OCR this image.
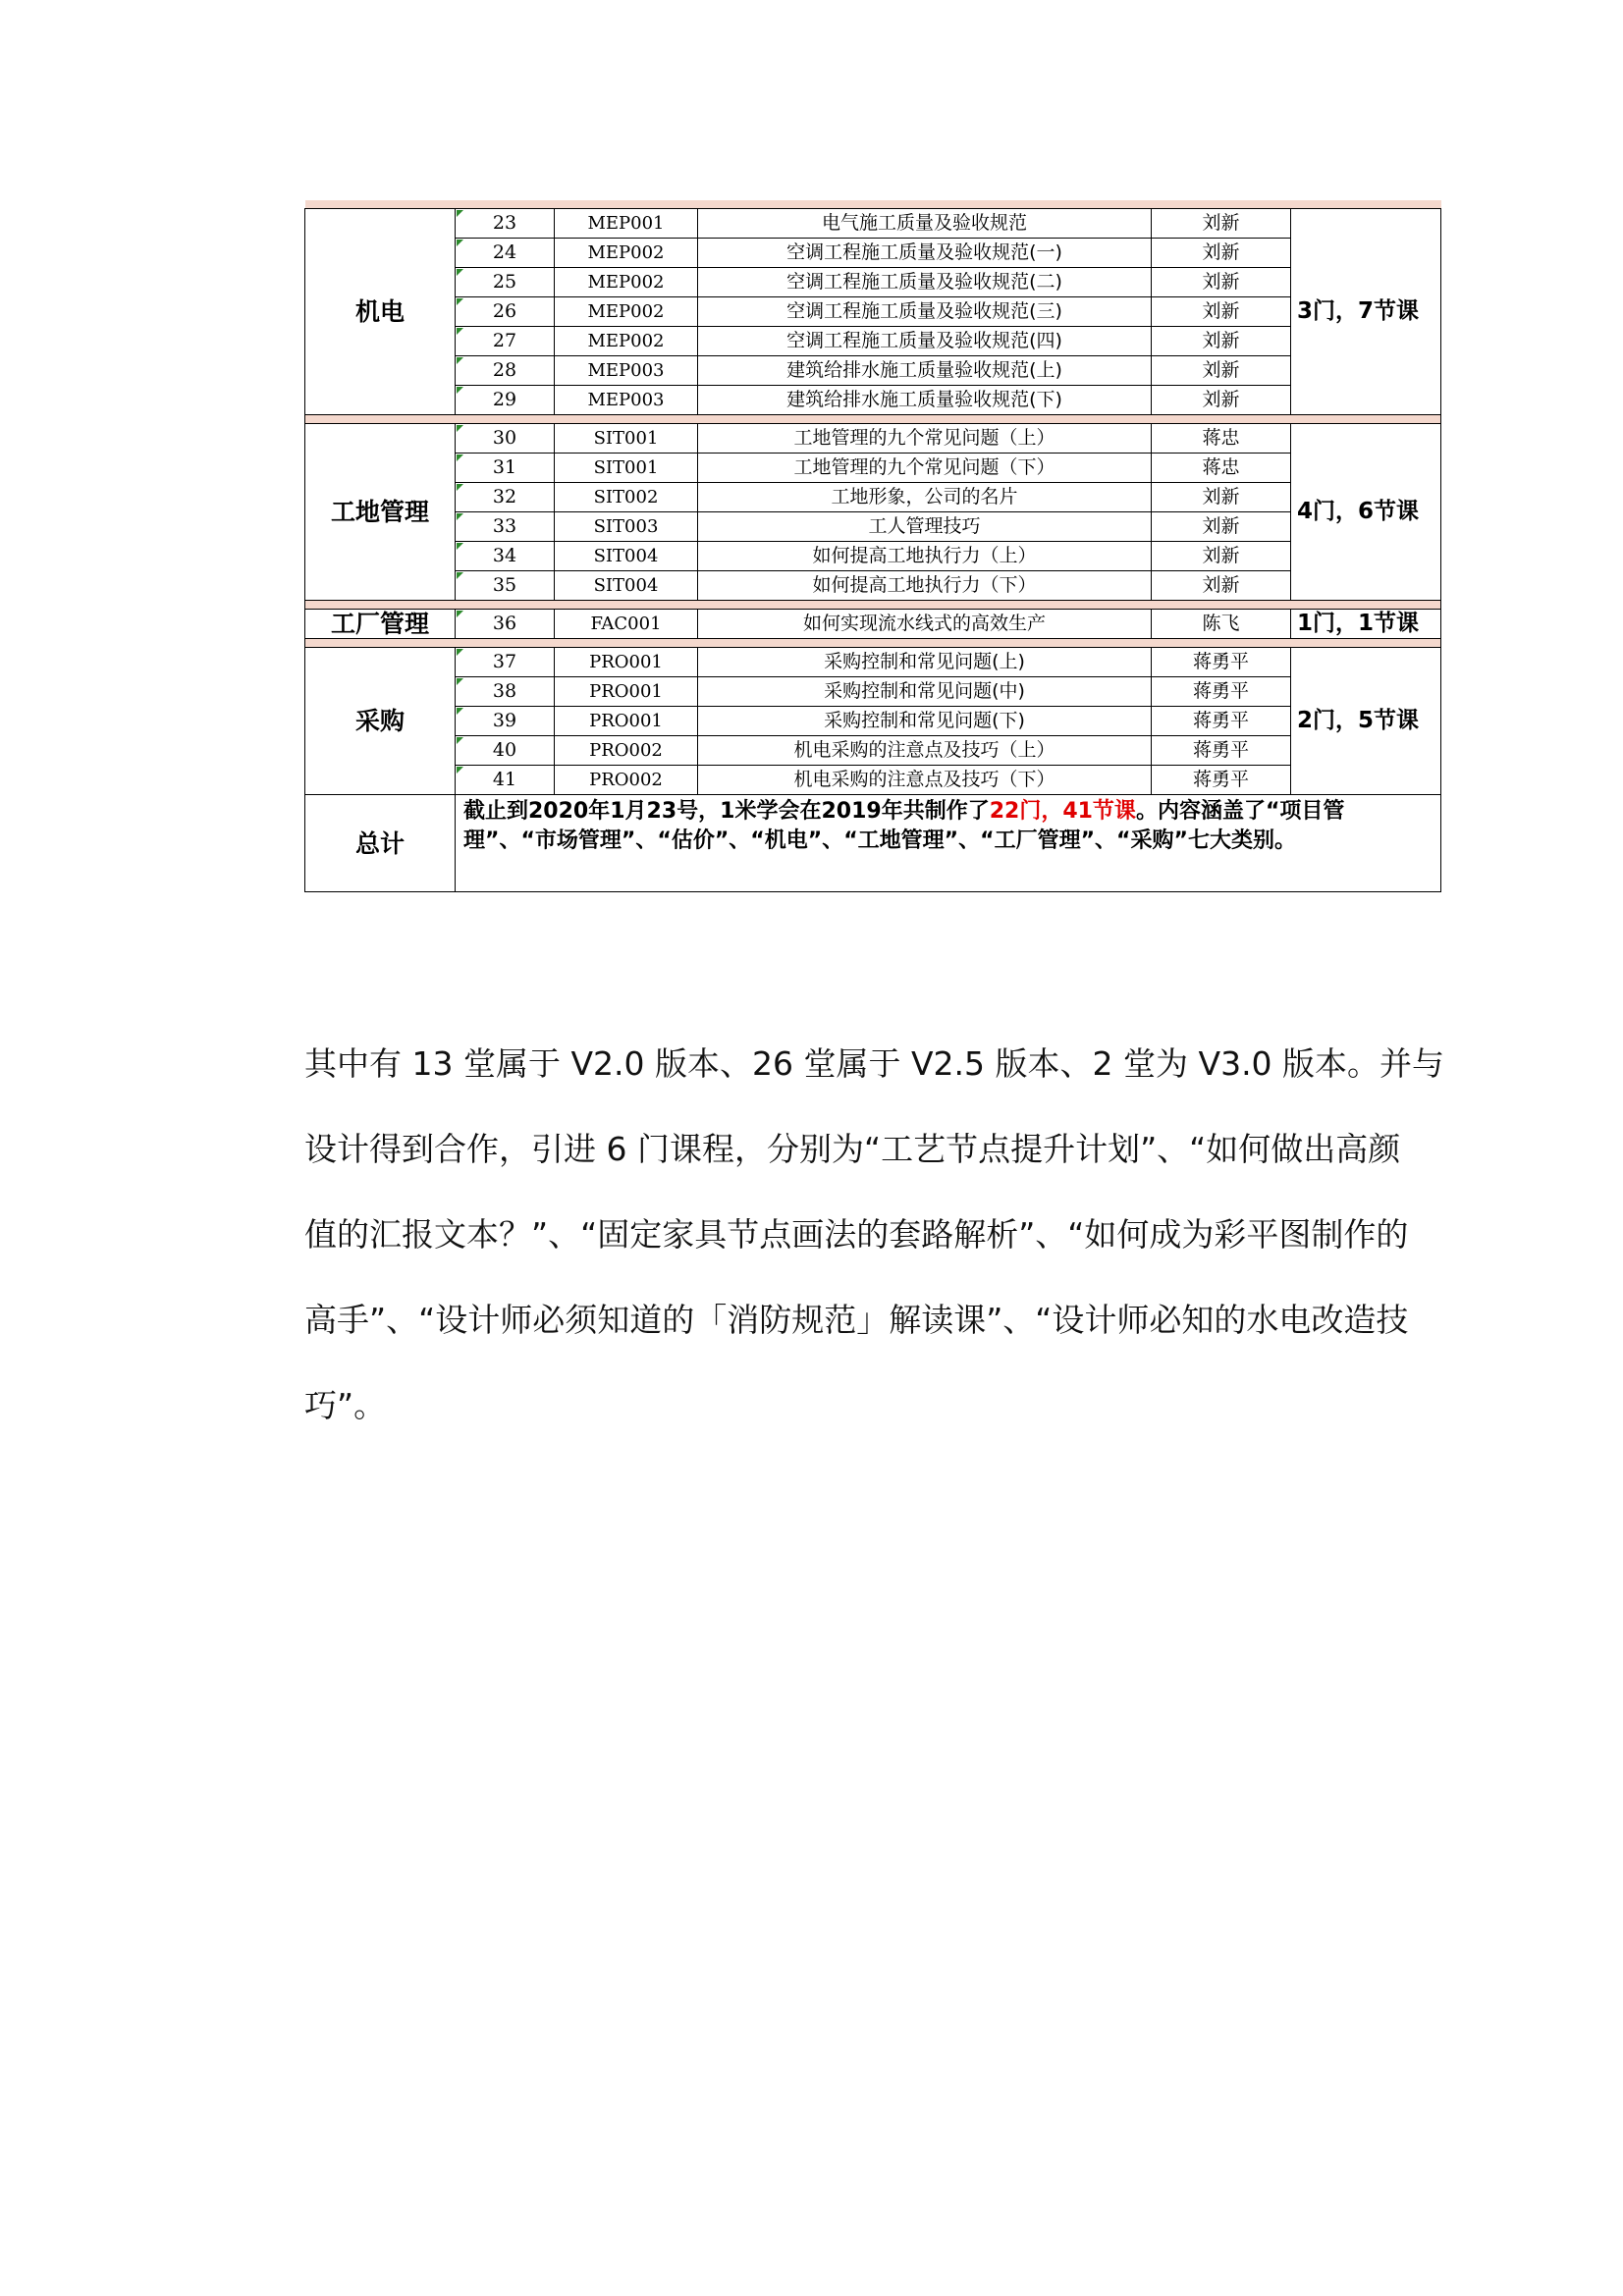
机电	23	MEP001	电气施工质量及验收规范	刘新	3门，7节课
	24	MEP002	空调工程施工质量及验收规范(一)	刘新	
	25	MEP002	空调工程施工质量及验收规范(二)	刘新	
	26	MEP002	空调工程施工质量及验收规范(三)	刘新	
	27	MEP002	空调工程施工质量及验收规范(四)	刘新	
	28	MEP003	建筑给排水施工质量验收规范(上)	刘新	
	29	MEP003	建筑给排水施工质量验收规范(下)	刘新	

工地管理	30	SIT001	工地管理的九个常见问题（上）	蒋忠	4门，6节课
	31	SIT001	工地管理的九个常见问题（下）	蒋忠	
	32	SIT002	工地形象，公司的名片	刘新	
	33	SIT003	工人管理技巧	刘新	
	34	SIT004	如何提高工地执行力（上）	刘新	
	35	SIT004	如何提高工地执行力（下）	刘新	

工厂管理	36	FAC001	如何实现流水线式的高效生产	陈飞	1门，1节课

采购	37	PRO001	采购控制和常见问题(上)	蒋勇平	2门，5节课
	38	PRO001	采购控制和常见问题(中)	蒋勇平	
	39	PRO001	采购控制和常见问题(下)	蒋勇平	
	40	PRO002	机电采购的注意点及技巧（上）	蒋勇平	
	41	PRO002	机电采购的注意点及技巧（下）	蒋勇平	
总计	截止到2020年1月23号，1米学会在2019年共制作了22门，41节课。内容涵盖了“项目管理”、“市场管理”、“估价”、“机电”、“工地管理”、“工厂管理”、“采购”七大类别。				
其中有 13 堂属于 V2.0 版本、26 堂属于 V2.5 版本、2 堂为 V3.0 版本。并与
设计得到合作，引进 6 门课程，分别为“工艺节点提升计划”、“如何做出高颜
值的汇报文本？”、“固定家具节点画法的套路解析”、“如何成为彩平图制作的
高手”、“设计师必须知道的「消防规范」解读课”、“设计师必知的水电改造技
巧”。
